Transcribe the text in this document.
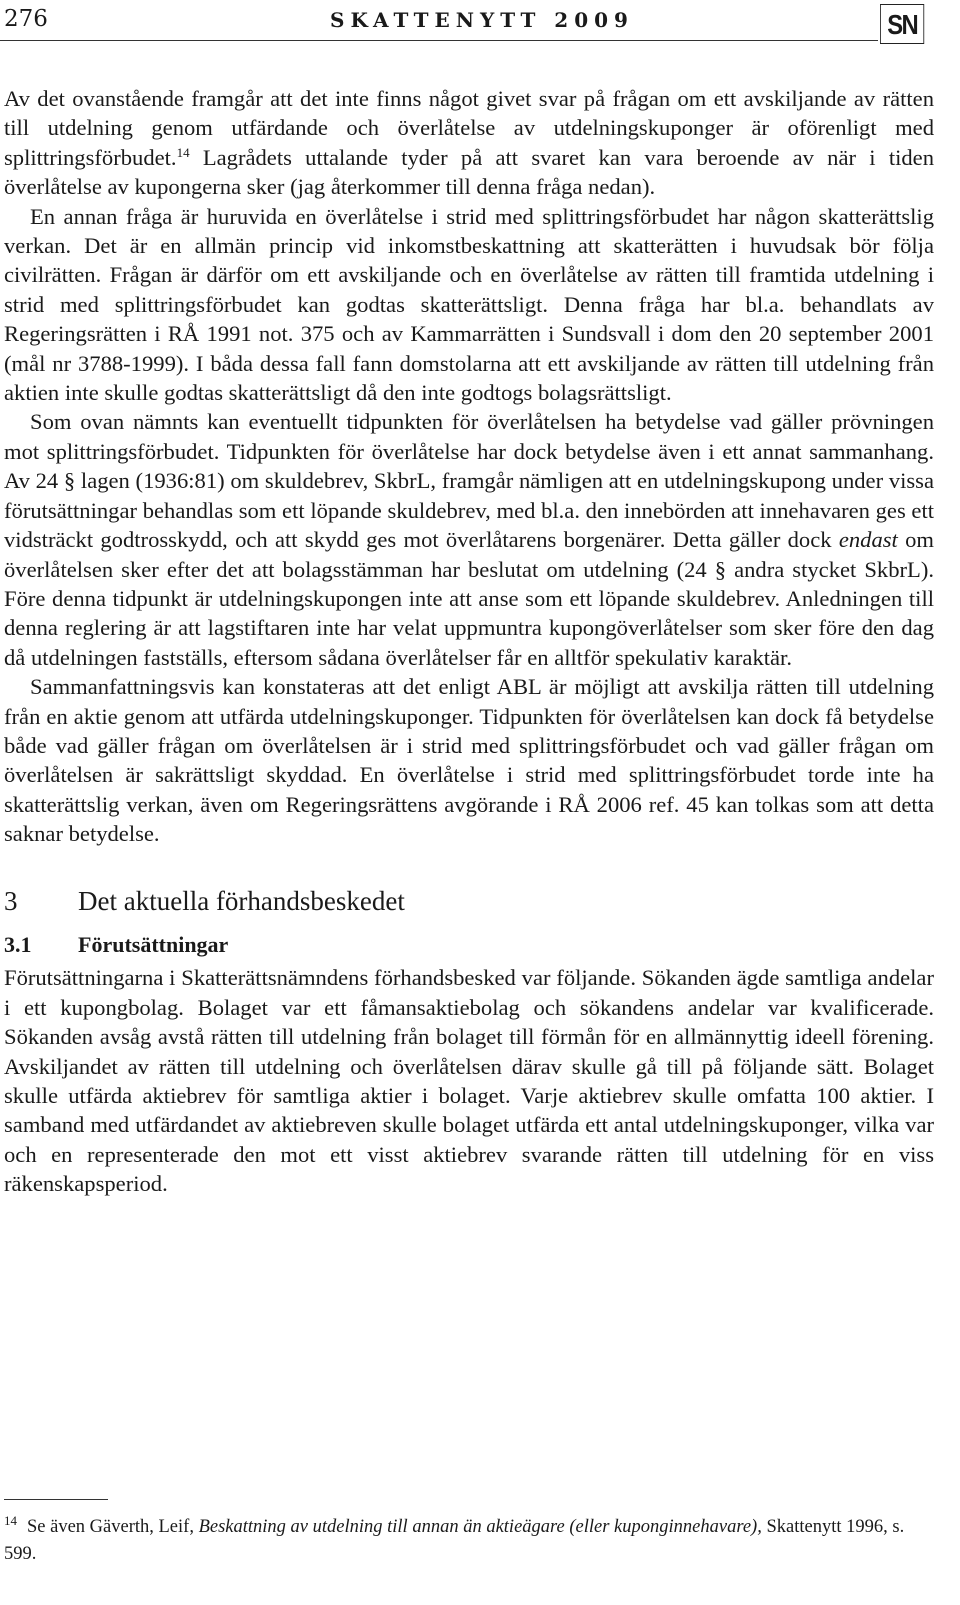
276	SKATTENYTT 2009	SN

Av det ovanstående framgår att det inte finns något givet svar på frågan om ett avskiljande av rätten till utdelning genom utfärdande och överlåtelse av utdelningskuponger är oförenligt med splittringsförbudet.$^{14}$ Lagrådets uttalande tyder på att svaret kan vara beroende av när i tiden överlåtelse av kupongerna sker (jag återkommer till denna fråga nedan).

En annan fråga är huruvida en överlåtelse i strid med splittringsförbudet har någon skatterättslig verkan. Det är en allmän princip vid inkomstbeskattning att skatterätten i huvudsak bör följa civilrätten. Frågan är därför om ett avskiljande och en överlåtelse av rätten till framtida utdelning i strid med splittringsförbudet kan godtas skatterättsligt. Denna fråga har bl.a. behandlats av Regeringsrätten i RÅ 1991 not. 375 och av Kammarrätten i Sundsvall i dom den 20 september 2001 (mål nr 3788-1999). I båda dessa fall fann domstolarna att ett avskiljande av rätten till utdelning från aktien inte skulle godtas skatterättsligt då den inte godtogs bolagsrättsligt.

Som ovan nämnts kan eventuellt tidpunkten för överlåtelsen ha betydelse vad gäller prövningen mot splittringsförbudet. Tidpunkten för överlåtelse har dock betydelse även i ett annat sammanhang. Av 24 § lagen (1936:81) om skuldebrev, SkbrL, framgår nämligen att en utdelningskupong under vissa förutsättningar behandlas som ett löpande skuldebrev, med bl.a. den innebörden att innehavaren ges ett vidsträckt godtrosskydd, och att skydd ges mot överlåtarens borgenärer. Detta gäller dock endast om överlåtelsen sker efter det att bolagsstämman har beslutat om utdelning (24 § andra stycket SkbrL). Före denna tidpunkt är utdelningskupongen inte att anse som ett löpande skuldebrev. Anledningen till denna reglering är att lagstiftaren inte har velat uppmuntra kupongöverlåtelser som sker före den dag då utdelningen fastställs, eftersom sådana överlåtelser får en alltför spekulativ karaktär.

Sammanfattningsvis kan konstateras att det enligt ABL är möjligt att avskilja rätten till utdelning från en aktie genom att utfärda utdelningskuponger. Tidpunkten för överlåtelsen kan dock få betydelse både vad gäller frågan om överlåtelsen är i strid med splittringsförbudet och vad gäller frågan om överlåtelsen är sakrättsligt skyddad. En överlåtelse i strid med splittringsförbudet torde inte ha skatterättslig verkan, även om Regeringsrättens avgörande i RÅ 2006 ref. 45 kan tolkas som att detta saknar betydelse.

3	Det aktuella förhandsbeskedet
3.1	Förutsättningar

Förutsättningarna i Skatterättsnämndens förhandsbesked var följande. Sökanden ägde samtliga andelar i ett kupongbolag. Bolaget var ett fåmansaktiebolag och sökandens andelar var kvalificerade. Sökanden avsåg avstå rätten till utdelning från bolaget till förmån för en allmännyttig ideell förening. Avskiljandet av rätten till utdelning och överlåtelsen därav skulle gå till på följande sätt. Bolaget skulle utfärda aktiebrev för samtliga aktier i bolaget. Varje aktiebrev skulle omfatta 100 aktier. I samband med utfärdandet av aktiebreven skulle bolaget utfärda ett antal utdelningskuponger, vilka var och en representerade den mot ett visst aktiebrev svarande rätten till utdelning för en viss räkenskapsperiod.

$^{14}$ Se även Gäverth, Leif, Beskattning av utdelning till annan än aktieägare (eller kuponginnehavare), Skattenytt 1996, s. 599.
